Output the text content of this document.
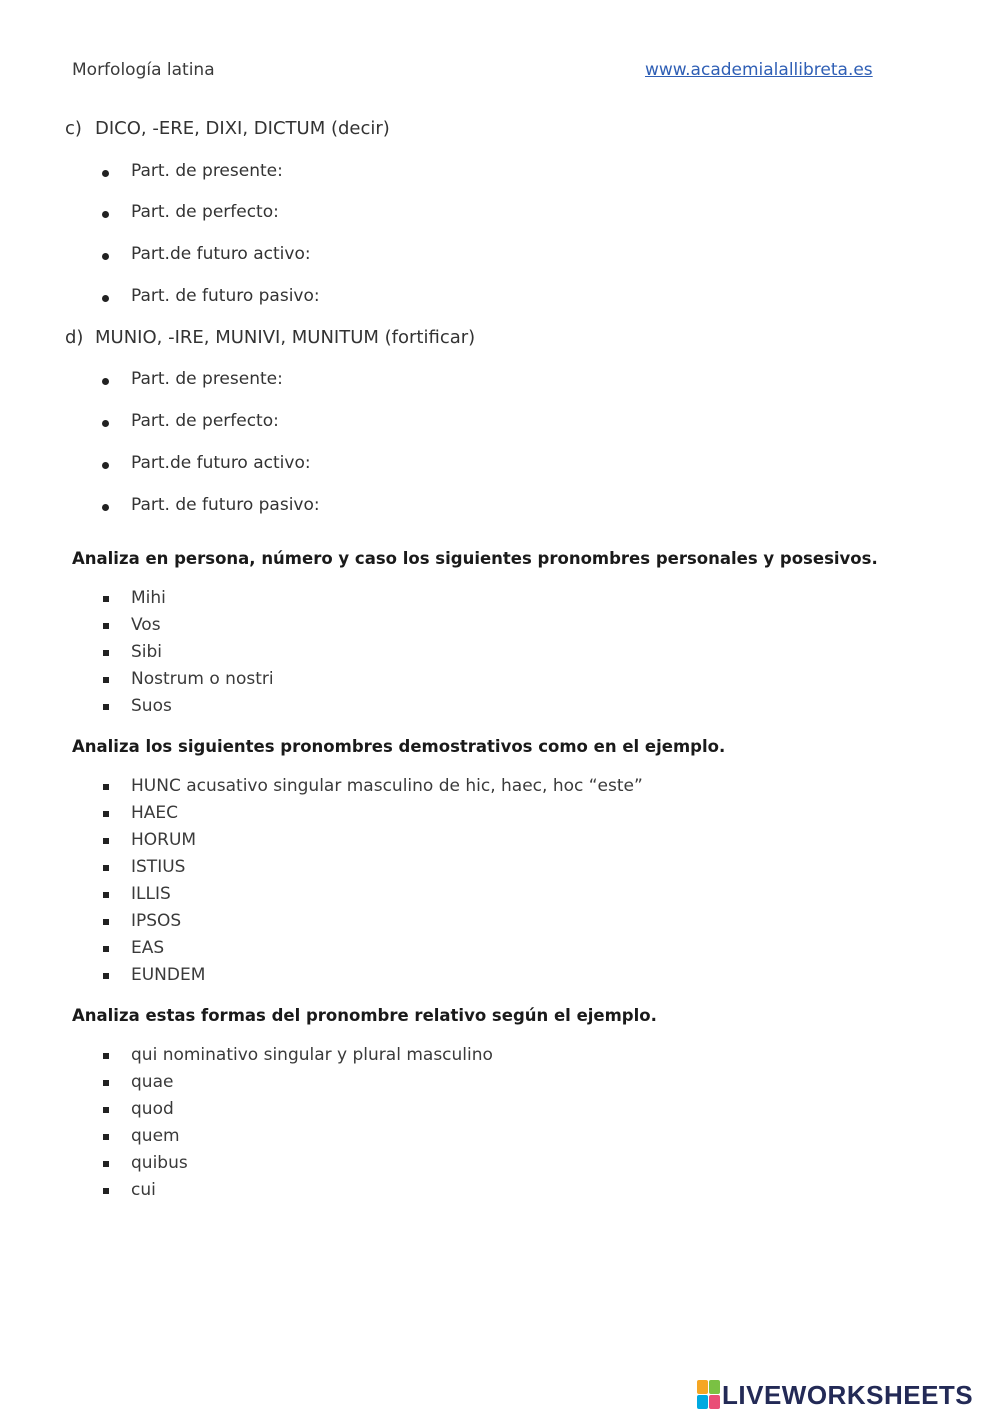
Morfología latina	www.academialallibreta.es
c) DICO, -ERE, DIXI, DICTUM (decir)
Part. de presente:
Part. de perfecto:
Part.de futuro activo:
Part. de futuro pasivo:
d) MUNIO, -IRE, MUNIVI, MUNITUM (fortificar)
Part. de presente:
Part. de perfecto:
Part.de futuro activo:
Part. de futuro pasivo:
Analiza en persona, número y caso los siguientes pronombres personales y posesivos.
Mihi
Vos
Sibi
Nostrum o nostri
Suos
Analiza los siguientes pronombres demostrativos como en el ejemplo.
HUNC acusativo singular masculino de hic, haec, hoc “este”
HAEC
HORUM
ISTIUS
ILLIS
IPSOS
EAS
EUNDEM
Analiza estas formas del pronombre relativo según el ejemplo.
qui nominativo singular y plural masculino
quae
quod
quem
quibus
cui
LIVEWORKSHEETS
